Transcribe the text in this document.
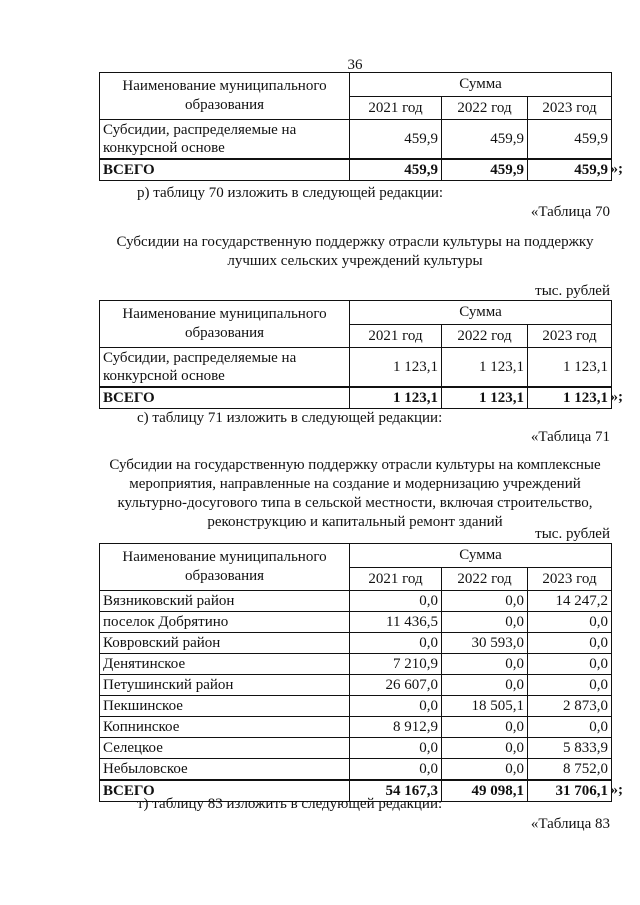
36
Наименование муниципального образования	Сумма		
	2021 год	2022 год	2023 год
Субсидии, распределяемые на конкурсной основе	459,9	459,9	459,9
ВСЕГО	459,9	459,9	459,9 »;
р) таблицу 70 изложить в следующей редакции:
«Таблица 70
Субсидии на государственную поддержку отрасли культуры на поддержку лучших сельских учреждений культуры
тыс. рублей
Наименование муниципального образования	Сумма		
	2021 год	2022 год	2023 год
Субсидии, распределяемые на конкурсной основе	1 123,1	1 123,1	1 123,1
ВСЕГО	1 123,1	1 123,1	1 123,1 »;
с) таблицу 71 изложить в следующей редакции:
«Таблица 71
Субсидии на государственную поддержку отрасли культуры на комплексные мероприятия, направленные на создание и модернизацию учреждений культурно-досугового типа в сельской местности, включая строительство, реконструкцию и капитальный ремонт зданий
тыс. рублей
Наименование муниципального образования	Сумма		
	2021 год	2022 год	2023 год
Вязниковский район	0,0	0,0	14 247,2
поселок Добрятино	11 436,5	0,0	0,0
Ковровский район	0,0	30 593,0	0,0
Денятинское	7 210,9	0,0	0,0
Петушинский район	26 607,0	0,0	0,0
Пекшинское	0,0	18 505,1	2 873,0
Копнинское	8 912,9	0,0	0,0
Селецкое	0,0	0,0	5 833,9
Небыловское	0,0	0,0	8 752,0
ВСЕГО	54 167,3	49 098,1	31 706,1 »;
т) таблицу 83 изложить в следующей редакции:
«Таблица 83
